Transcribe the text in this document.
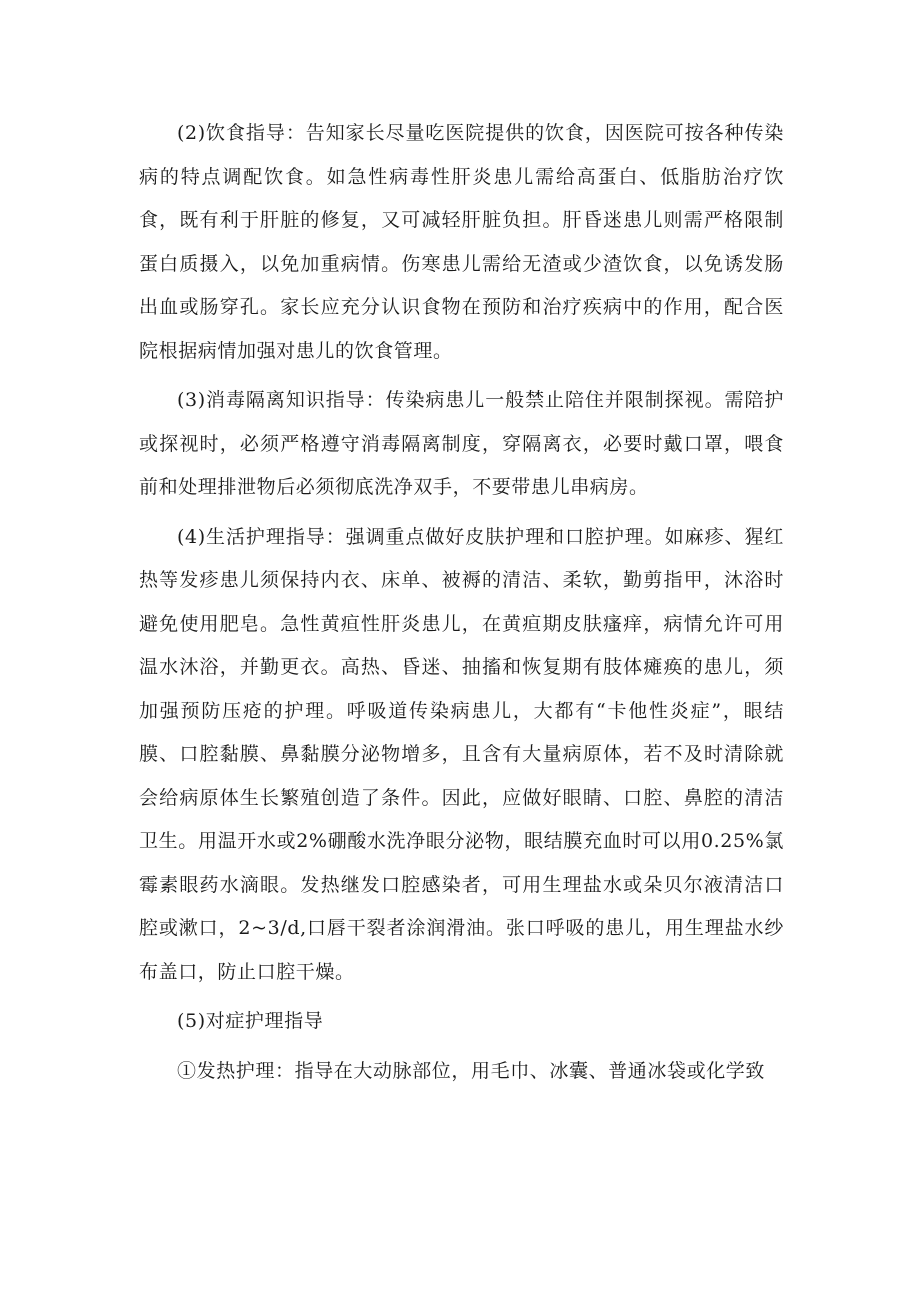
(2)饮食指导：告知家长尽量吃医院提供的饮食，因医院可按各种传染病的特点调配饮食。如急性病毒性肝炎患儿需给高蛋白、低脂肪治疗饮食，既有利于肝脏的修复，又可减轻肝脏负担。肝昏迷患儿则需严格限制蛋白质摄入，以免加重病情。伤寒患儿需给无渣或少渣饮食，以免诱发肠出血或肠穿孔。家长应充分认识食物在预防和治疗疾病中的作用，配合医院根据病情加强对患儿的饮食管理。

(3)消毒隔离知识指导：传染病患儿一般禁止陪住并限制探视。需陪护或探视时，必须严格遵守消毒隔离制度，穿隔离衣，必要时戴口罩，喂食前和处理排泄物后必须彻底洗净双手，不要带患儿串病房。

(4)生活护理指导：强调重点做好皮肤护理和口腔护理。如麻疹、猩红热等发疹患儿须保持内衣、床单、被褥的清洁、柔软，勤剪指甲，沐浴时避免使用肥皂。急性黄疸性肝炎患儿，在黄疸期皮肤瘙痒，病情允许可用温水沐浴，并勤更衣。高热、昏迷、抽搐和恢复期有肢体瘫痪的患儿，须加强预防压疮的护理。呼吸道传染病患儿，大都有“卡他性炎症”，眼结膜、口腔黏膜、鼻黏膜分泌物增多，且含有大量病原体，若不及时清除就会给病原体生长繁殖创造了条件。因此，应做好眼睛、口腔、鼻腔的清洁卫生。用温开水或2%硼酸水洗净眼分泌物，眼结膜充血时可以用0.25%氯霉素眼药水滴眼。发热继发口腔感染者，可用生理盐水或朵贝尔液清洁口腔或漱口，2~3∕d,口唇干裂者涂润滑油。张口呼吸的患儿，用生理盐水纱布盖口，防止口腔干燥。

(5)对症护理指导

①发热护理：指导在大动脉部位，用毛巾、冰囊、普通冰袋或化学致
